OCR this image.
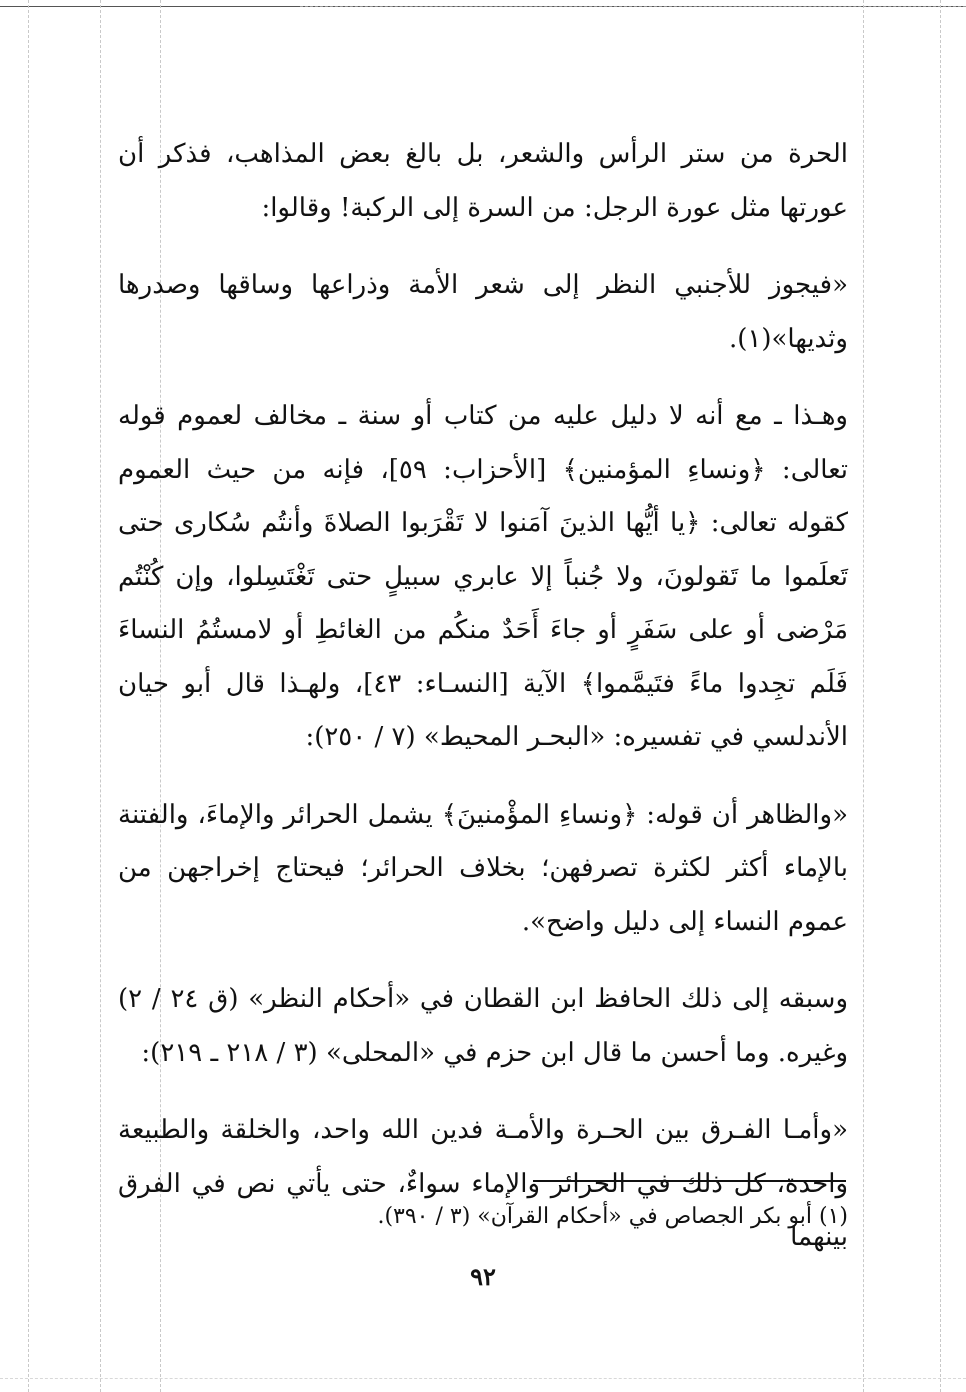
الحرة من ستر الرأس والشعر، بل بالغ بعض المذاهب، فذكر أن عورتها مثل عورة الرجل: من السرة إلى الركبة! وقالوا:

«فيجوز للأجنبي النظر إلى شعر الأمة وذراعها وساقها وصدرها وثديها»(١).

وهـذا ـ مع أنه لا دليل عليه من كتاب أو سنة ـ مخالف لعموم قوله تعالى: ﴿ونساءِ المؤمنين﴾ [الأحزاب: ٥٩]، فإنه من حيث العموم كقوله تعالى: ﴿يا أيُّها الذينَ آمَنوا لا تَقْرَبوا الصلاةَ وأنتُم سُكارى حتى تَعلَموا ما تَقولونَ، ولا جُنباً إلا عابري سبيلٍ حتى تَغْتَسِلوا، وإن كُنْتُم مَرْضى أو على سَفَرٍ أو جاءَ أَحَدٌ منكُم من الغائطِ أو لامستُمُ النساءَ فَلَم تجِدوا ماءً فتَيمَّموا﴾ الآية [النسـاء: ٤٣]، ولهـذا قال أبو حيان الأندلسي في تفسيره: «البحـر المحيط» (٧ / ٢٥٠):

«والظاهر أن قوله: ﴿ونساءِ المؤْمنينَ﴾ يشمل الحرائر والإماءَ، والفتنة بالإماء أكثر لكثرة تصرفهن؛ بخلاف الحرائر؛ فيحتاج إخراجهن من عموم النساء إلى دليل واضح».

وسبقه إلى ذلك الحافظ ابن القطان في «أحكام النظر» (ق ٢٤ / ٢) وغيره. وما أحسن ما قال ابن حزم في «المحلى» (٣ / ٢١٨ ـ ٢١٩):

«وأمـا الفـرق بين الحـرة والأمـة فدين الله واحد، والخلقة والطبيعة واحدة، كل ذلك في الحرائر والإماء سواءٌ، حتى يأتي نص في الفرق بينهما

(١) أبو بكر الجصاص في «أحكام القرآن» (٣ / ٣٩٠).

٩٢
